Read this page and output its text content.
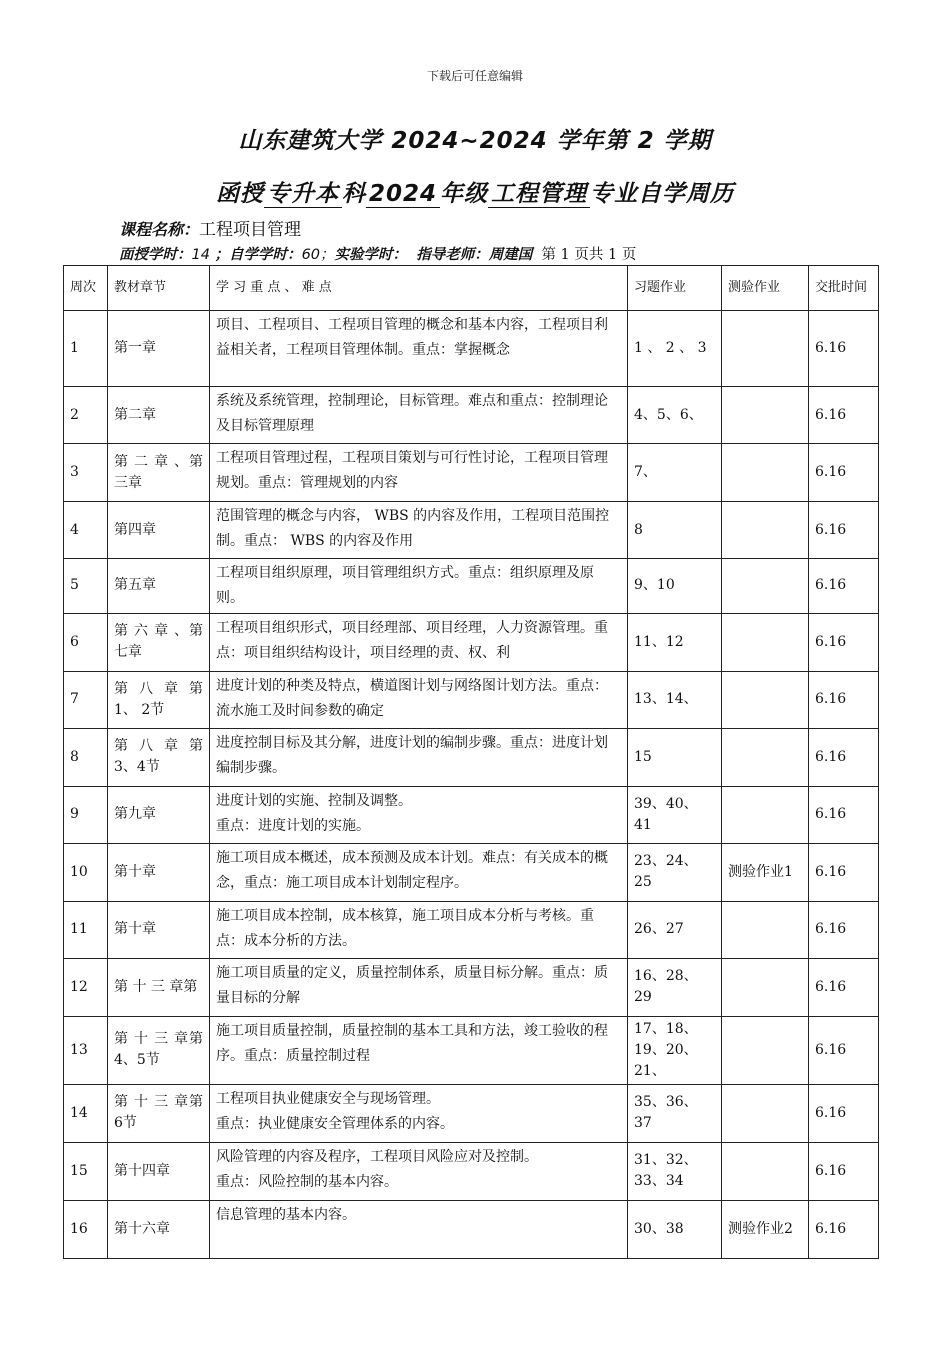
下载后可任意编辑
山东建筑大学 2024~2024 学年第 2 学期
函授 专升本 科 2024 年级 工程管理 专业自学周历
课程名称：工程项目管理
面授学时：14 ；自学学时：60；实验学时： 指导老师：周建国 第 1 页共 1 页
周次	教材章节	学 习 重 点 、 难 点	习题作业	测验作业	交批时间
1	第一章	项目、工程项目、工程项目管理的概念和基本内容，工程项目利益相关者，工程项目管理体制。重点：掌握概念	1 、 2 、 3		6.16
2	第二章	系统及系统管理，控制理论，目标管理。难点和重点：控制理论及目标管理原理	4、5、6、		6.16
3	第 二 章 、第三章	工程项目管理过程，工程项目策划与可行性讨论，工程项目管理规划。重点：管理规划的内容	7、		6.16
4	第四章	范围管理的概念与内容， WBS 的内容及作用，工程项目范围控制。重点： WBS 的内容及作用	8		6.16
5	第五章	工程项目组织原理，项目管理组织方式。重点：组织原理及原则。	9、10		6.16
6	第 六 章 、第七章	工程项目组织形式，项目经理部、项目经理，人力资源管理。重点：项目组织结构设计，项目经理的责、权、利	11、12		6.16
7	第 八 章 第1、 2节	进度计划的种类及特点，横道图计划与网络图计划方法。重点：流水施工及时间参数的确定	13、14、		6.16
8	第 八 章 第3、4节	进度控制目标及其分解，进度计划的编制步骤。重点：进度计划编制步骤。	15		6.16
9	第九章	进度计划的实施、控制及调整。
重点：进度计划的实施。	39、40、41		6.16
10	第十章	施工项目成本概述，成本预测及成本计划。难点：有关成本的概念，重点：施工项目成本计划制定程序。	23、24、25	测验作业1	6.16
11	第十章	施工项目成本控制，成本核算，施工项目成本分析与考核。重点：成本分析的方法。	26、27		6.16
12	第 十 三 章第	施工项目质量的定义，质量控制体系，质量目标分解。重点：质量目标的分解	16、28、29		6.16
13	第 十 三 章第4、5节	施工项目质量控制，质量控制的基本工具和方法，竣工验收的程序。重点：质量控制过程	17、18、19、20、21、		6.16
14	第 十 三 章第6节	工程项目执业健康安全与现场管理。
重点：执业健康安全管理体系的内容。	35、36、37		6.16
15	第十四章	风险管理的内容及程序，工程项目风险应对及控制。
重点：风险控制的基本内容。	31、32、33、34		6.16
16	第十六章	信息管理的基本内容。	30、38	测验作业2	6.16
